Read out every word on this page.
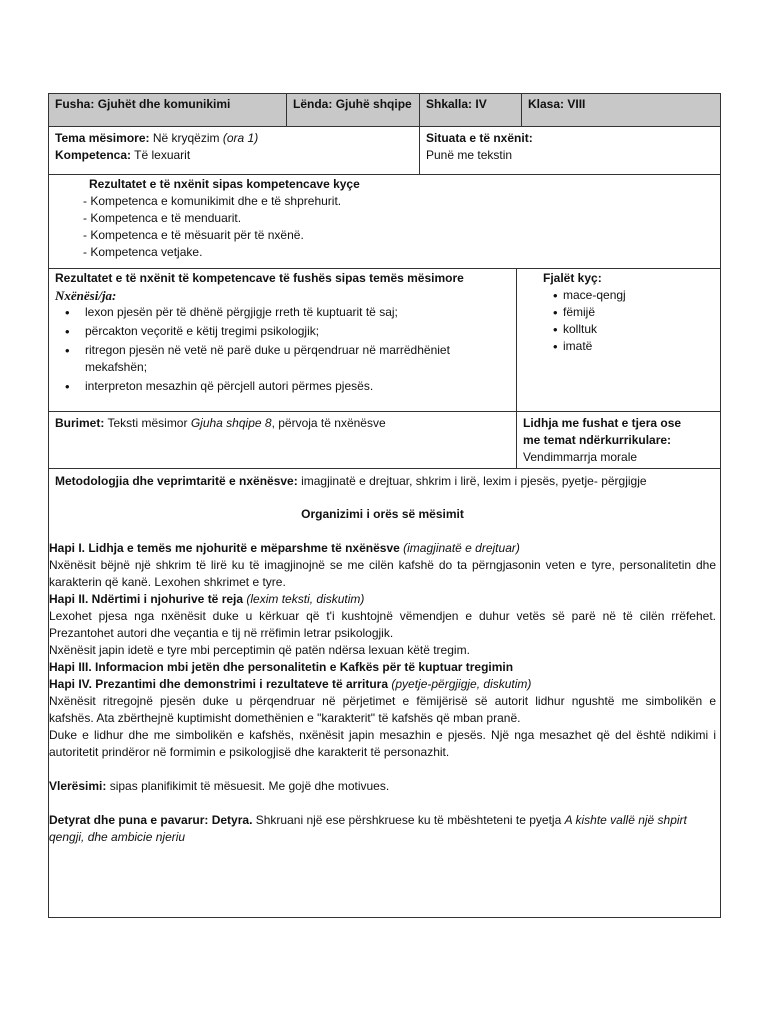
Fusha: Gjuhët dhe komunikimi	Lënda: Gjuhë shqipe	Shkalla: IV	Klasa: VIII
Tema mësimore: Në kryqëzim (ora 1)
Kompetenca: Të lexuarit
Situata e të nxënit:
Punë me tekstin
Rezultatet e të nxënit sipas kompetencave kyçe
- Kompetenca e komunikimit dhe e të shprehurit.
- Kompetenca e të menduarit.
- Kompetenca e të mësuarit për të nxënë.
- Kompetenca vetjake.
Rezultatet e të nxënit të kompetencave të fushës sipas temës mësimore
Nxënësi/ja:
• lexon pjesën për të dhënë përgjigje rreth të kuptuarit të saj;
• përcakton veçoritë e këtij tregimi psikologjik;
• ritregon pjesën në vetë në parë duke u përqendruar në marrëdhëniet
mekafshën;
• interpreton mesazhin që përcjell autori përmes pjesës.
Fjalët kyç:
• mace-qengj
• fëmijë
• kolltuk
• imatë
Burimet: Teksti mësimor Gjuha shqipe 8, përvoja të nxënësve	Lidhja me fushat e tjera ose
me temat ndërkurrikulare:
Vendimmarrja morale
Metodologjia dhe veprimtaritë e nxënësve: imagjinatë e drejtuar, shkrim i lirë, lexim i pjesës, pyetje- përgjigje
Organizimi i orës së mësimit
Hapi I. Lidhja e temës me njohuritë e mëparshme të nxënësve (imagjinatë e drejtuar)
Nxënësit bëjnë një shkrim të lirë ku të imagjinojnë se me cilën kafshë do ta përngjasonin veten e tyre, personalitetin dhe
karakterin që kanë. Lexohen shkrimet e tyre.
Hapi II. Ndërtimi i njohurive të reja (lexim teksti, diskutim)
Lexohet pjesa nga nxënësit duke u kërkuar që t'i kushtojnë vëmendjen e duhur vetës së parë në të cilën rrëfehet.
Prezantohet autori dhe veçantia e tij në rrëfimin letrar psikologjik.
Nxënësit japin idetë e tyre mbi perceptimin që patën ndërsa lexuan këtë tregim.
Hapi III. Informacion mbi jetën dhe personalitetin e Kafkës për të kuptuar tregimin
Hapi IV. Prezantimi dhe demonstrimi i rezultateve të arritura (pyetje-përgjigje, diskutim)
Nxënësit ritregojnë pjesën duke u përqendruar në përjetimet e fëmijërisë së autorit lidhur ngushtë me simbolikën e
kafshës. Ata zbërthejnë kuptimisht domethënien e "karakterit" të kafshës që mban pranë.
Duke e lidhur dhe me simbolikën e kafshës, nxënësit japin mesazhin e pjesës. Një nga mesazhet që del është ndikimi i
autoritetit prindëror në formimin e psikologjisë dhe karakterit të personazhit.
Vlerësimi: sipas planifikimit të mësuesit. Me gojë dhe motivues.
Detyrat dhe puna e pavarur: Detyra. Shkruani një ese përshkruese ku të mbështeteni te pyetja A kishte vallë një shpirt
qengji, dhe ambicie njeriu
